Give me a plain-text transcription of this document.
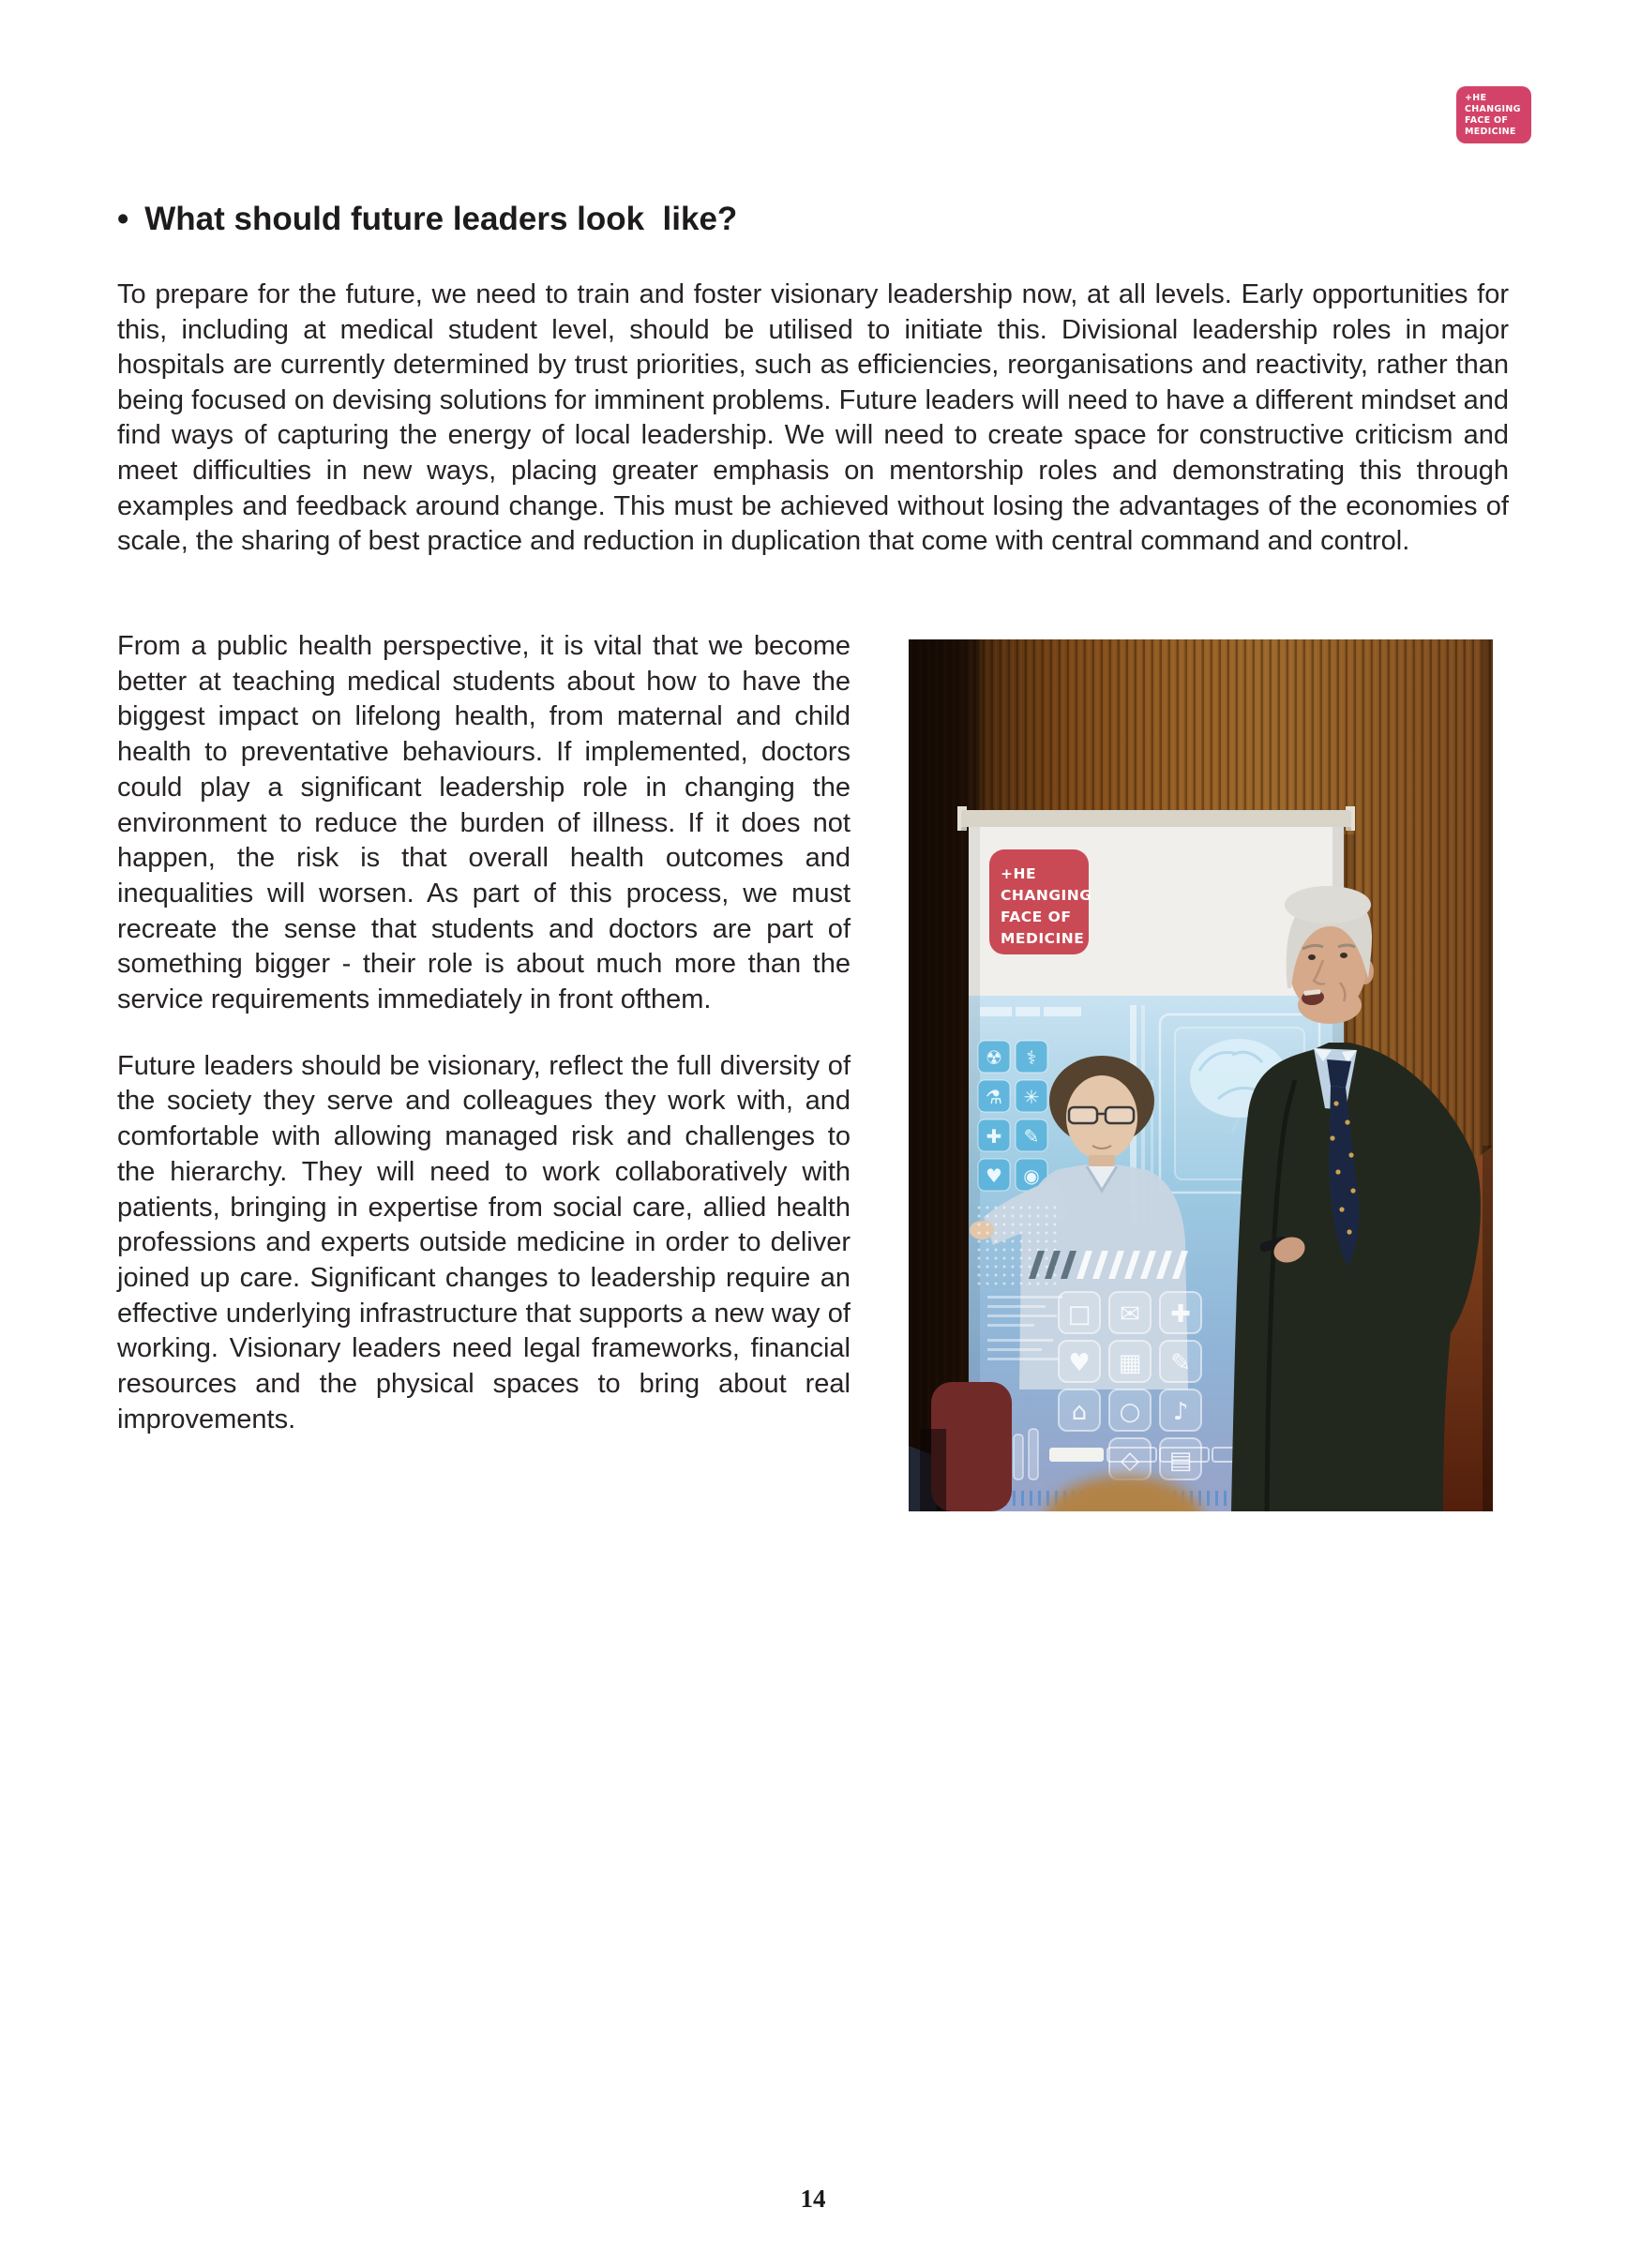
+HE
CHANGING
FACE OF
MEDICINE
• What should future leaders look  like?
To prepare for the future, we need to train and foster visionary leadership now, at all levels. Early opportunities for this, including at medical student level, should be utilised to initiate this. Divisional leadership roles in major hospitals are currently determined by trust priorities, such as efficiencies, reorganisations and reactivity, rather than being focused on devising solutions for imminent problems. Future leaders will need to have a different mindset and find ways of capturing the energy of local leadership. We will need to create space for constructive criticism and meet difficulties in new ways, placing greater emphasis on mentorship roles and demonstrating this through examples and feedback around change. This must be achieved without losing the advantages of the economies of scale, the sharing of best practice and reduction in duplication that come with central command and control.

From a public health perspective, it is vital that we become better at teaching medical students about how to have the biggest impact on lifelong health, from maternal and child health to preventative behaviours. If implemented, doctors could play a significant leadership role in changing the environment to reduce the burden of illness. If it does not happen, the risk is that overall health outcomes and inequalities will worsen. As part of this process, we must recreate the sense that students and doctors are part of something bigger - their role is about much more than the service requirements immediately in front ofthem.

Future leaders should be visionary, reflect the full diversity of the society they serve and colleagues they work with, and comfortable with allowing managed risk and challenges to the hierarchy. They will need to work collaboratively with patients, bringing in expertise from social care, allied health professions and experts outside medicine in order to deliver joined up care. Significant changes to leadership require an effective underlying infrastructure that supports a new way of working. Visionary leaders need legal frameworks, financial resources and the physical spaces to bring about real improvements.

+HE
CHANGING
FACE OF
MEDICINE
☢ ⚕
⚗ ✳
✚ ✎
♥ ◉
□ ✉ ✚
♥ ▦ ✎
⌂ ○ ♪
◇ ▤
14
